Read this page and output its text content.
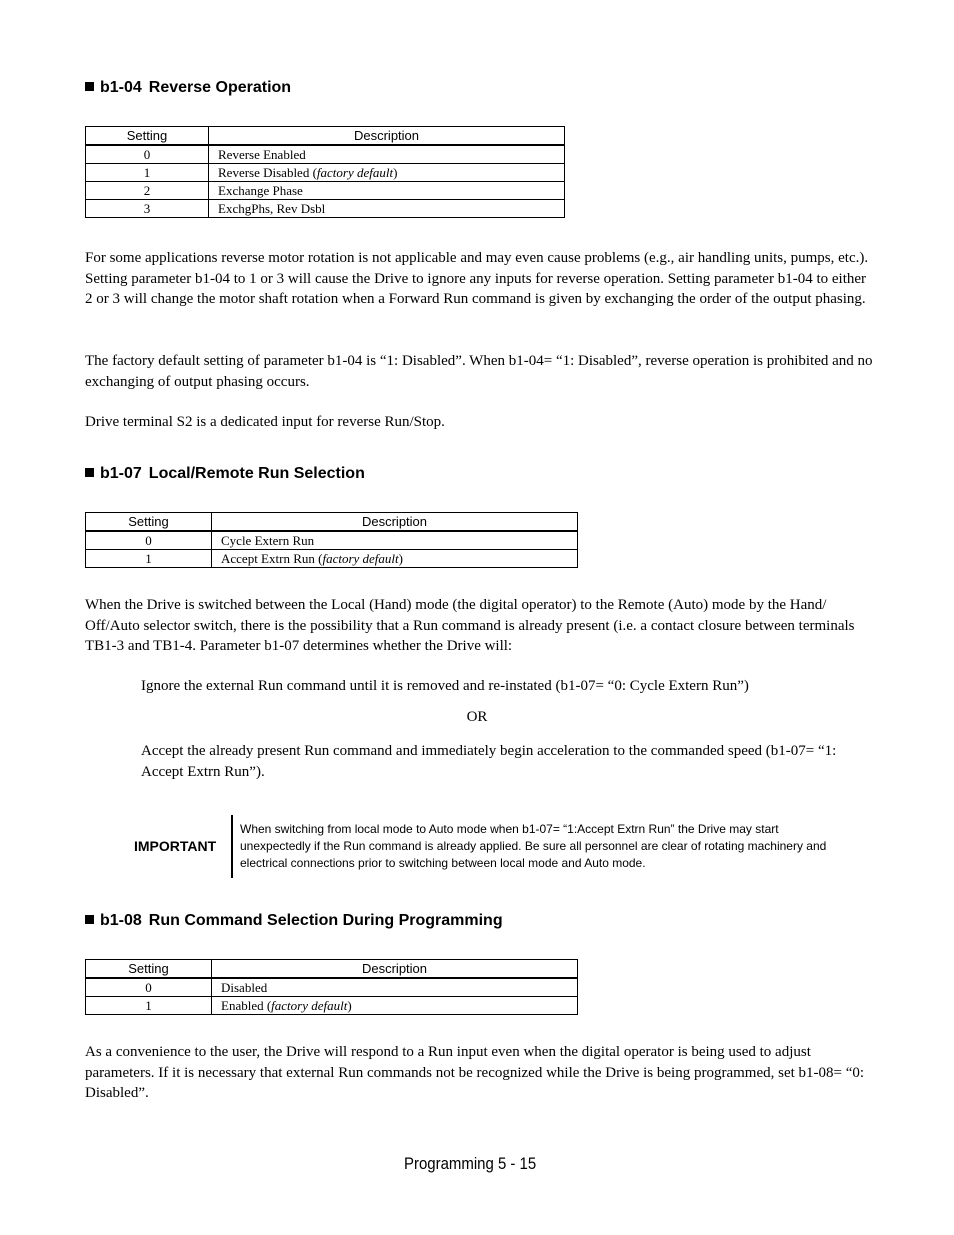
b1-04 Reverse Operation
Setting	Description
0	Reverse Enabled
1	Reverse Disabled (factory default)
2	Exchange Phase
3	ExchgPhs, Rev Dsbl

For some applications reverse motor rotation is not applicable and may even cause problems (e.g., air handling units, pumps, etc.). Setting parameter b1-04 to 1 or 3 will cause the Drive to ignore any inputs for reverse operation. Setting parameter b1-04 to either 2 or 3 will change the motor shaft rotation when a Forward Run command is given by exchanging the order of the output phasing.

The factory default setting of parameter b1-04 is “1: Disabled”. When b1-04= “1: Disabled”, reverse operation is prohibited and no exchanging of output phasing occurs.

Drive terminal S2 is a dedicated input for reverse Run/Stop.

b1-07 Local/Remote Run Selection
Setting	Description
0	Cycle Extern Run
1	Accept Extrn Run (factory default)

When the Drive is switched between the Local (Hand) mode (the digital operator) to the Remote (Auto) mode by the Hand/ Off/Auto selector switch, there is the possibility that a Run command is already present (i.e. a contact closure between terminals TB1-3 and TB1-4. Parameter b1-07 determines whether the Drive will:

Ignore the external Run command until it is removed and re-instated (b1-07= “0: Cycle Extern Run”)

OR

Accept the already present Run command and immediately begin acceleration to the commanded speed (b1-07= “1: Accept Extrn Run”).

IMPORTANT

When switching from local mode to Auto mode when b1-07= “1:Accept Extrn Run” the Drive may start unexpectedly if the Run command is already applied. Be sure all personnel are clear of rotating machinery and electrical connections prior to switching between local mode and Auto mode.

b1-08 Run Command Selection During Programming
Setting	Description
0	Disabled
1	Enabled (factory default)

As a convenience to the user, the Drive will respond to a Run input even when the digital operator is being used to adjust parameters. If it is necessary that external Run commands not be recognized while the Drive is being programmed, set b1-08= “0: Disabled”.

Programming 5 - 15
